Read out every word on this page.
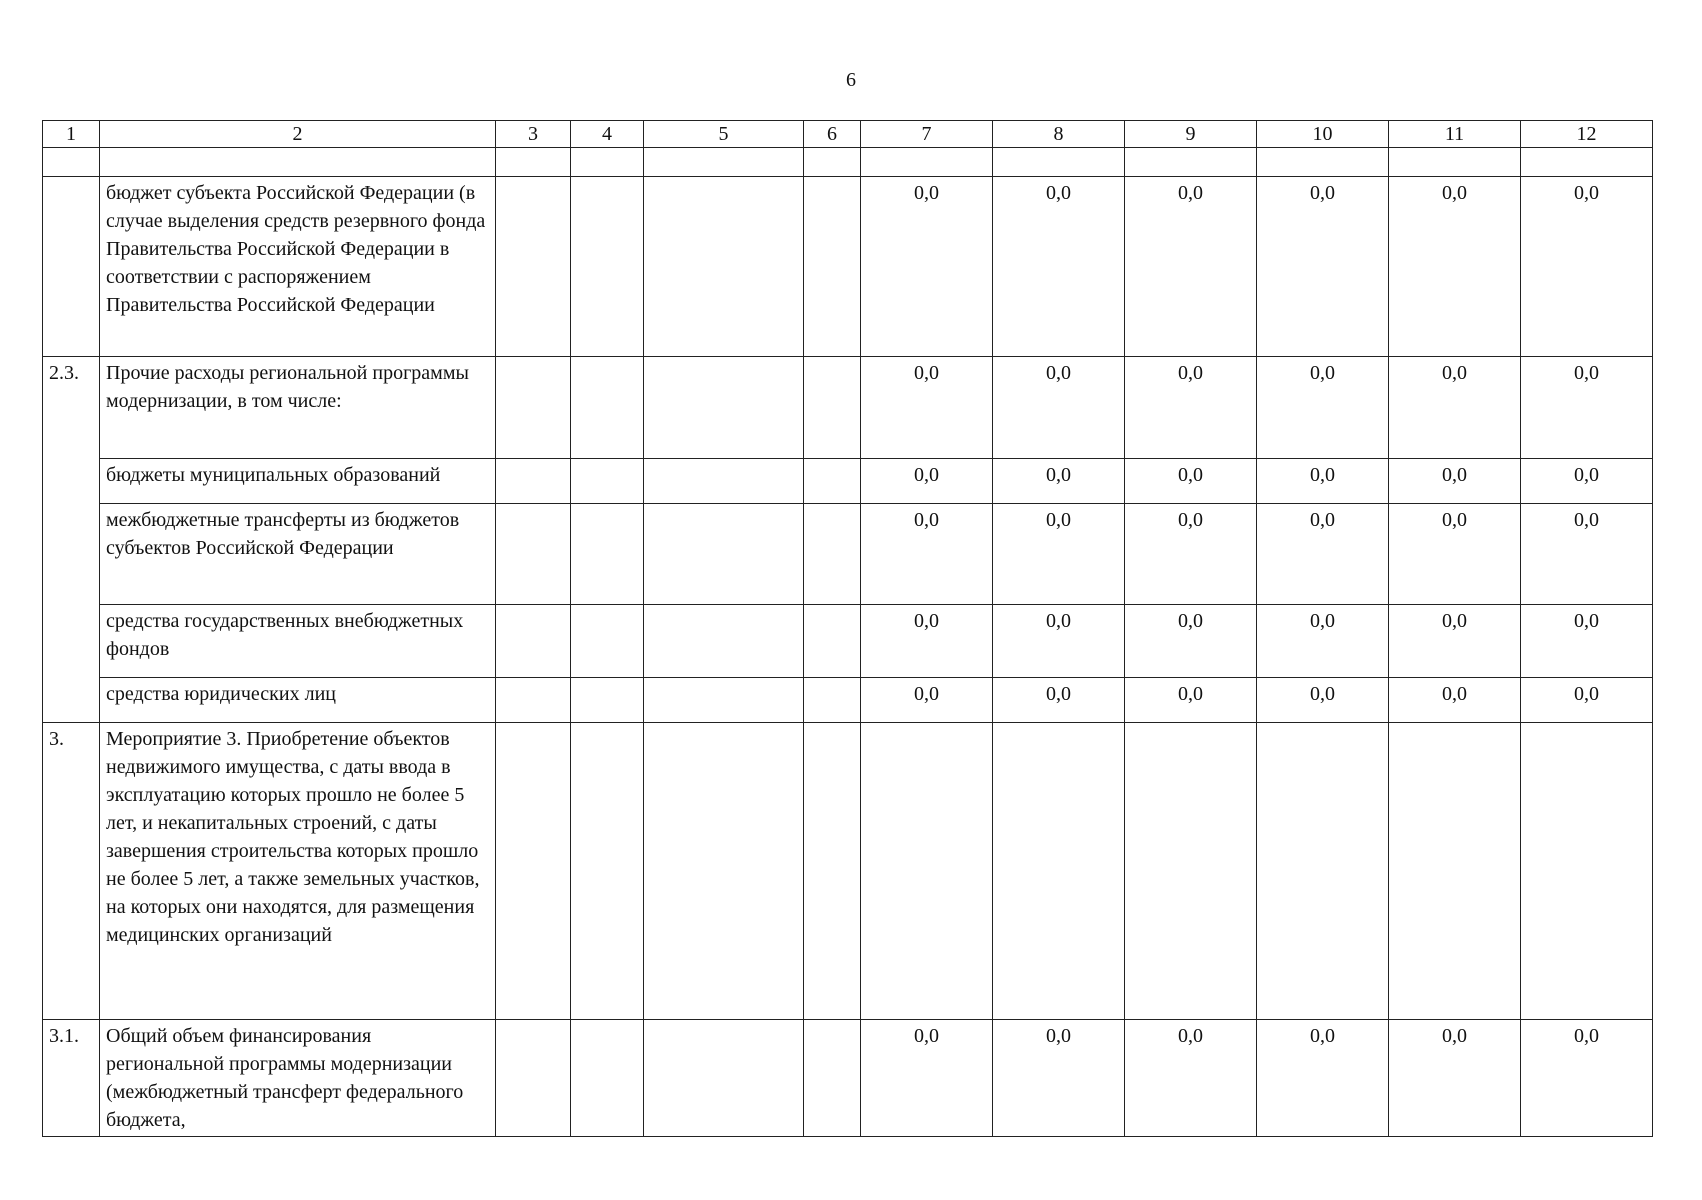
6
1	2	3	4	5	6	7	8	9	10	11	12

	бюджет субъекта Российской Федерации (в случае выделения средств резервного фонда Правительства Российской Федерации в соответствии с распоряжением Правительства Российской Федерации					0,0	0,0	0,0	0,0	0,0	0,0
2.3.	Прочие расходы региональной программы модернизации, в том числе:					0,0	0,0	0,0	0,0	0,0	0,0
	бюджеты муниципальных образований					0,0	0,0	0,0	0,0	0,0	0,0
	межбюджетные трансферты из бюджетов субъектов Российской Федерации					0,0	0,0	0,0	0,0	0,0	0,0
	средства государственных внебюджетных фондов					0,0	0,0	0,0	0,0	0,0	0,0
	средства юридических лиц					0,0	0,0	0,0	0,0	0,0	0,0
3.	Мероприятие 3. Приобретение объектов недвижимого имущества, с даты ввода в эксплуатацию которых прошло не более 5 лет, и некапитальных строений, с даты завершения строительства которых прошло не более 5 лет, а также земельных участков, на которых они находятся, для размещения медицинских организаций										
3.1.	Общий объем финансирования региональной программы модернизации (межбюджетный трансферт федерального бюджета,					0,0	0,0	0,0	0,0	0,0	0,0
